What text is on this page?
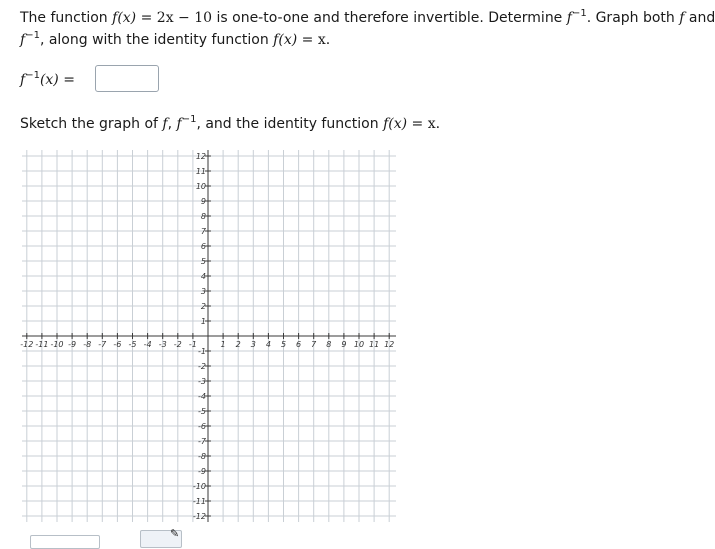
The function f(x) = 2x − 10 is one-to-one and therefore invertible. Determine $f^{-1}$. Graph both f and
$f^{-1}$, along with the identity function f(x) = x.
$f^{-1}(x)$ =
Sketch the graph of f, $f^{-1}$, and the identity function f(x) = x.
-12 -11 -10 -9 -8 -7 -6 -5 -4 -3 -2 -1	1 2 3 4 5 6 7 8 9 10 11 12
12
11
10
9
8
7
6
5
4
3
2
1
-1
-2
-3
-4
-5
-6
-7
-8
-9
-10
-11
-12
✎
